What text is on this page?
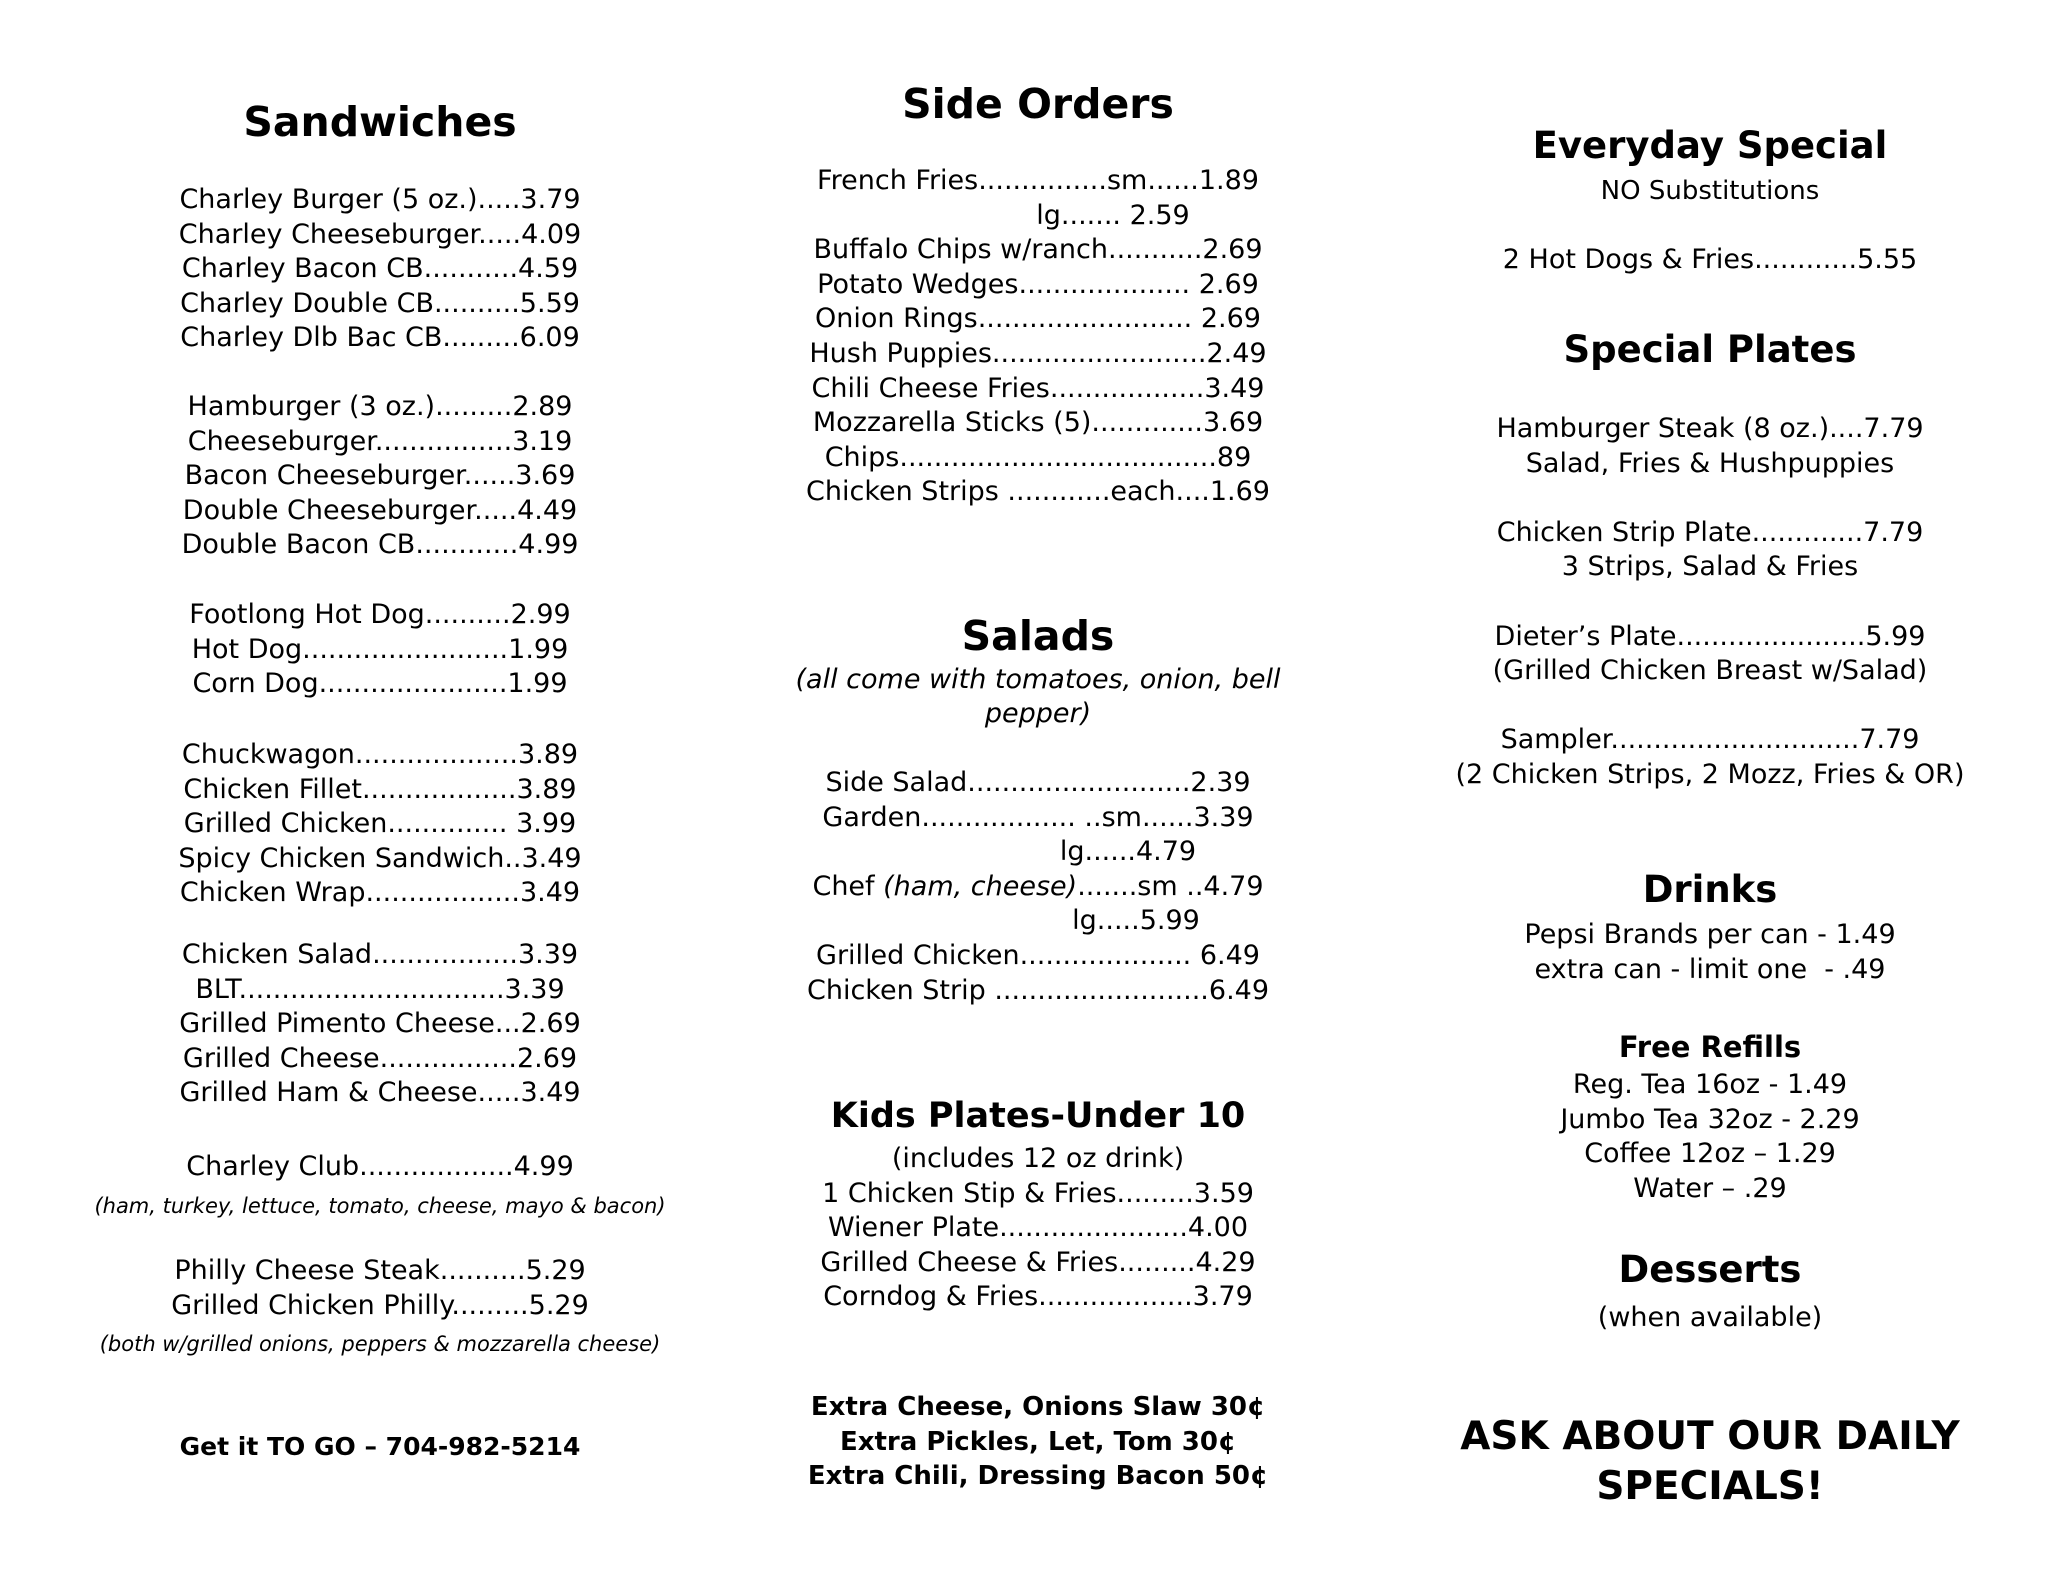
Sandwiches
Charley Burger (5 oz.).....3.79
Charley Cheeseburger.....4.09
Charley Bacon CB...........4.59
Charley Double CB..........5.59
Charley Dlb Bac CB.........6.09
Hamburger (3 oz.).........2.89
Cheeseburger................3.19
Bacon Cheeseburger......3.69
Double Cheeseburger.....4.49
Double Bacon CB............4.99
Footlong Hot Dog..........2.99
Hot Dog........................1.99
Corn Dog......................1.99
Chuckwagon...................3.89
Chicken Fillet..................3.89
Grilled Chicken.............. 3.99
Spicy Chicken Sandwich..3.49
Chicken Wrap..................3.49
Chicken Salad.................3.39
BLT...............................3.39
Grilled Pimento Cheese...2.69
Grilled Cheese................2.69
Grilled Ham & Cheese.....3.49
Charley Club..................4.99
(ham, turkey, lettuce, tomato, cheese, mayo & bacon)
Philly Cheese Steak..........5.29
Grilled Chicken Philly.........5.29
(both w/grilled onions, peppers & mozzarella cheese)
Get it TO GO – 704-982-5214
Side Orders
French Fries...............sm......1.89
lg....... 2.59
Buffalo Chips w/ranch...........2.69
Potato Wedges.................... 2.69
Onion Rings......................... 2.69
Hush Puppies.........................2.49
Chili Cheese Fries..................3.49
Mozzarella Sticks (5).............3.69
Chips.....................................89
Chicken Strips ............each....1.69
Salads
(all come with tomatoes, onion, bell
pepper)
Side Salad..........................2.39
Garden.................. ..sm......3.39
lg......4.79
Chef (ham, cheese).......sm ..4.79
lg.....5.99
Grilled Chicken.................... 6.49
Chicken Strip .........................6.49
Kids Plates-Under 10
(includes 12 oz drink)
1 Chicken Stip & Fries.........3.59
Wiener Plate......................4.00
Grilled Cheese & Fries.........4.29
Corndog & Fries..................3.79
Extra Cheese, Onions Slaw 30¢
Extra Pickles, Let, Tom 30¢
Extra Chili, Dressing Bacon 50¢
Everyday Special
NO Substitutions
2 Hot Dogs & Fries............5.55
Special Plates
Hamburger Steak (8 oz.)....7.79
Salad, Fries & Hushpuppies

Chicken Strip Plate.............7.79
3 Strips, Salad & Fries

Dieter’s Plate......................5.99
(Grilled Chicken Breast w/Salad)

Sampler.............................7.79
(2 Chicken Strips, 2 Mozz, Fries & OR)
Drinks
Pepsi Brands per can - 1.49
extra can - limit one  - .49
Free Refills
Reg. Tea 16oz - 1.49
Jumbo Tea 32oz - 2.29
Coffee 12oz – 1.29
Water – .29
Desserts
(when available)
ASK ABOUT OUR DAILY
SPECIALS!
